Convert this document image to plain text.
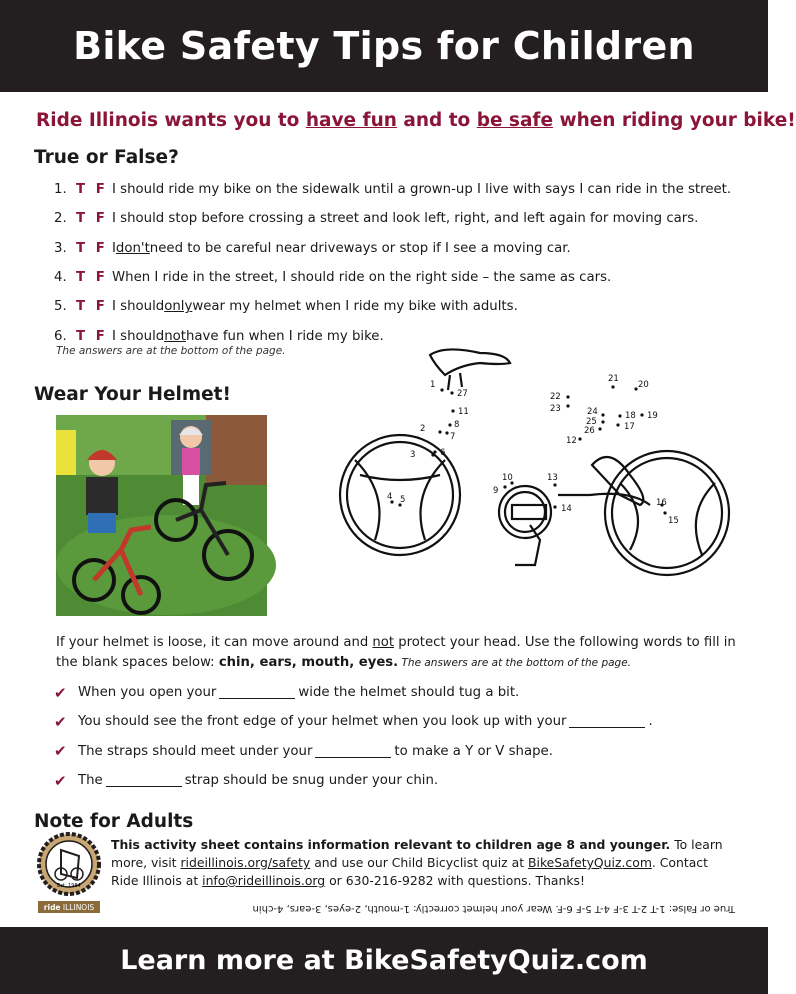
Bike Safety Tips for Children
Ride Illinois wants you to have fun and to be safe when riding your bike!
True or False?
1. T F I should ride my bike on the sidewalk until a grown-up I live with says I can ride in the street.
2. T F I should stop before crossing a street and look left, right, and left again for moving cars.
3. T F I don't need to be careful near driveways or stop if I see a moving car.
4. T F When I ride in the street, I should ride on the right side – the same as cars.
5. T F I should only wear my helmet when I ride my bike with adults.
6. T F I should not have fun when I ride my bike.
The answers are at the bottom of the page.
Wear Your Helmet!	1
2
3
4 5
6
7
8
9
10
11
12
13
14
15
16
17
18 19
20
21
22
23	24
25
26
27
If your helmet is loose, it can move around and not protect your head. Use the following words to fill in the blank spaces below: chin, ears, mouth, eyes. The answers are at the bottom of the page.
✔ When you open your	wide the helmet should tug a bit.
✔ You should see the front edge of your helmet when you look up with your	.
✔ The straps should meet under your	to make a Y or V shape.
✔ The	strap should be snug under your chin.
Note for Adults
Est. 1984
ride ILLINOIS
This activity sheet contains information relevant to children age 8 and younger. To learn more, visit rideillinois.org/safety and use our Child Bicyclist quiz at BikeSafetyQuiz.com. Contact Ride Illinois at info@rideillinois.org or 630-216-9282 with questions. Thanks!
True or False: 1-T 2-T 3-F 4-T 5-F 6-F. Wear your helmet correctly: 1-mouth, 2-eyes, 3-ears, 4-chin
Learn more at BikeSafetyQuiz.com
